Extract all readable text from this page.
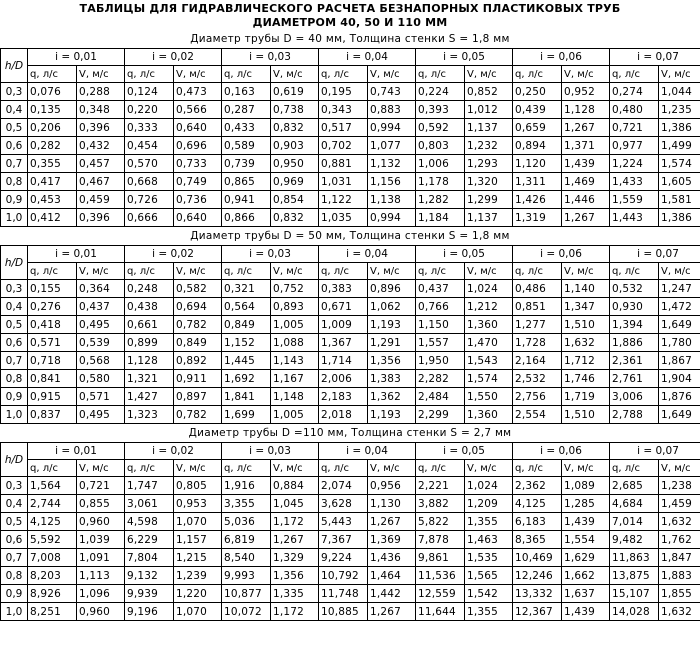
ТАБЛИЦЫ ДЛЯ ГИДРАВЛИЧЕСКОГО РАСЧЕТА БЕЗНАПОРНЫХ ПЛАСТИКОВЫХ ТРУБ
ДИАМЕТРОМ 40, 50 И 110 ММ
Диаметр трубы D = 40 мм, Толщина стенки S = 1,8 мм
h/D	i = 0,01		i = 0,02		i = 0,03		i = 0,04		i = 0,05		i = 0,06		i = 0,07	
	q, л/с	V, м/с	q, л/с	V, м/с	q, л/с	V, м/с	q, л/с	V, м/с	q, л/с	V, м/с	q, л/с	V, м/с	q, л/с	V, м/с
0,3	0,076	0,288	0,124	0,473	0,163	0,619	0,195	0,743	0,224	0,852	0,250	0,952	0,274	1,044
0,4	0,135	0,348	0,220	0,566	0,287	0,738	0,343	0,883	0,393	1,012	0,439	1,128	0,480	1,235
0,5	0,206	0,396	0,333	0,640	0,433	0,832	0,517	0,994	0,592	1,137	0,659	1,267	0,721	1,386
0,6	0,282	0,432	0,454	0,696	0,589	0,903	0,702	1,077	0,803	1,232	0,894	1,371	0,977	1,499
0,7	0,355	0,457	0,570	0,733	0,739	0,950	0,881	1,132	1,006	1,293	1,120	1,439	1,224	1,574
0,8	0,417	0,467	0,668	0,749	0,865	0,969	1,031	1,156	1,178	1,320	1,311	1,469	1,433	1,605
0,9	0,453	0,459	0,726	0,736	0,941	0,854	1,122	1,138	1,282	1,299	1,426	1,446	1,559	1,581
1,0	0,412	0,396	0,666	0,640	0,866	0,832	1,035	0,994	1,184	1,137	1,319	1,267	1,443	1,386
Диаметр трубы D = 50 мм, Толщина стенки S = 1,8 мм
h/D	i = 0,01		i = 0,02		i = 0,03		i = 0,04		i = 0,05		i = 0,06		i = 0,07	
	q, л/с	V, м/с	q, л/с	V, м/с	q, л/с	V, м/с	q, л/с	V, м/с	q, л/с	V, м/с	q, л/с	V, м/с	q, л/с	V, м/с
0,3	0,155	0,364	0,248	0,582	0,321	0,752	0,383	0,896	0,437	1,024	0,486	1,140	0,532	1,247
0,4	0,276	0,437	0,438	0,694	0,564	0,893	0,671	1,062	0,766	1,212	0,851	1,347	0,930	1,472
0,5	0,418	0,495	0,661	0,782	0,849	1,005	1,009	1,193	1,150	1,360	1,277	1,510	1,394	1,649
0,6	0,571	0,539	0,899	0,849	1,152	1,088	1,367	1,291	1,557	1,470	1,728	1,632	1,886	1,780
0,7	0,718	0,568	1,128	0,892	1,445	1,143	1,714	1,356	1,950	1,543	2,164	1,712	2,361	1,867
0,8	0,841	0,580	1,321	0,911	1,692	1,167	2,006	1,383	2,282	1,574	2,532	1,746	2,761	1,904
0,9	0,915	0,571	1,427	0,897	1,841	1,148	2,183	1,362	2,484	1,550	2,756	1,719	3,006	1,876
1,0	0,837	0,495	1,323	0,782	1,699	1,005	2,018	1,193	2,299	1,360	2,554	1,510	2,788	1,649
Диаметр трубы D =110 мм, Толщина стенки S = 2,7 мм
h/D	i = 0,01		i = 0,02		i = 0,03		i = 0,04		i = 0,05		i = 0,06		i = 0,07	
	q, л/с	V, м/с	q, л/с	V, м/с	q, л/с	V, м/с	q, л/с	V, м/с	q, л/с	V, м/с	q, л/с	V, м/с	q, л/с	V, м/с
0,3	1,564	0,721	1,747	0,805	1,916	0,884	2,074	0,956	2,221	1,024	2,362	1,089	2,685	1,238
0,4	2,744	0,855	3,061	0,953	3,355	1,045	3,628	1,130	3,882	1,209	4,125	1,285	4,684	1,459
0,5	4,125	0,960	4,598	1,070	5,036	1,172	5,443	1,267	5,822	1,355	6,183	1,439	7,014	1,632
0,6	5,592	1,039	6,229	1,157	6,819	1,267	7,367	1,369	7,878	1,463	8,365	1,554	9,482	1,762
0,7	7,008	1,091	7,804	1,215	8,540	1,329	9,224	1,436	9,861	1,535	10,469	1,629	11,863	1,847
0,8	8,203	1,113	9,132	1,239	9,993	1,356	10,792	1,464	11,536	1,565	12,246	1,662	13,875	1,883
0,9	8,926	1,096	9,939	1,220	10,877	1,335	11,748	1,442	12,559	1,542	13,332	1,637	15,107	1,855
1,0	8,251	0,960	9,196	1,070	10,072	1,172	10,885	1,267	11,644	1,355	12,367	1,439	14,028	1,632
